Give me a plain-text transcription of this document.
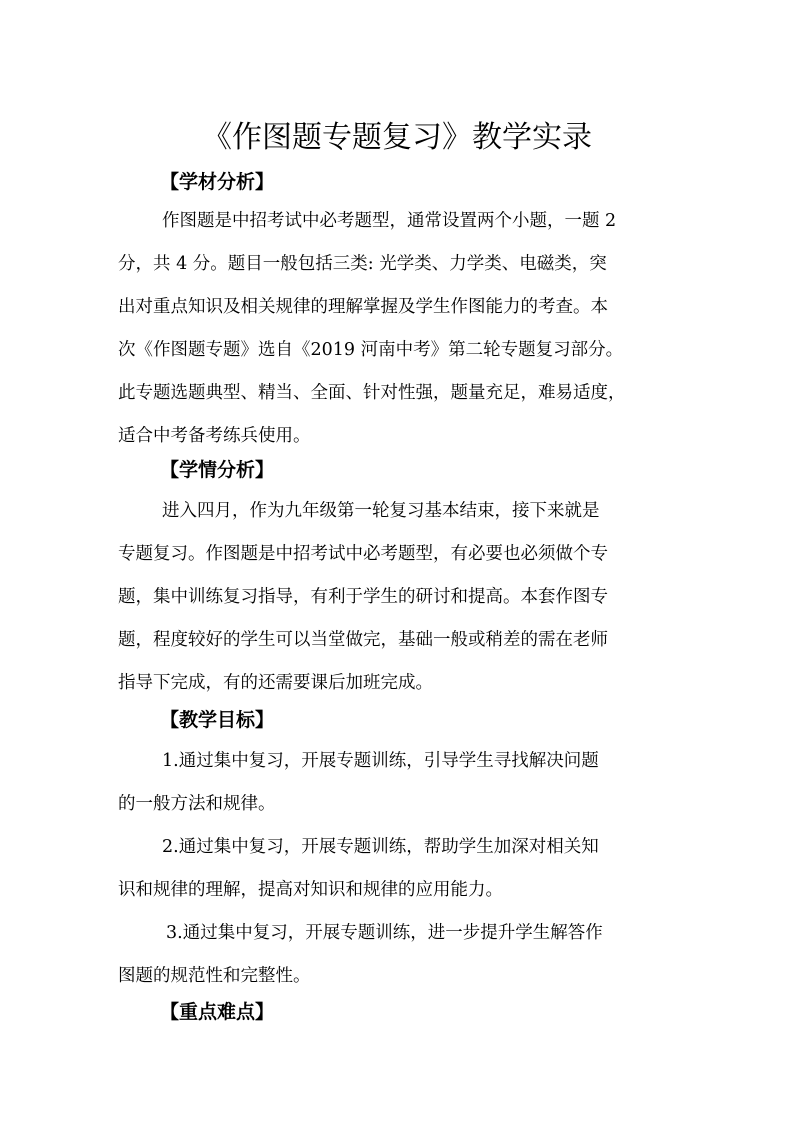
《作图题专题复习》教学实录
【学材分析】

作图题是中招考试中必考题型，通常设置两个小题，一题 2
分，共 4 分。题目一般包括三类: 光学类、力学类、电磁类，突
出对重点知识及相关规律的理解掌握及学生作图能力的考查。本
次《作图题专题》选自《2019 河南中考》第二轮专题复习部分。
此专题选题典型、精当、全面、针对性强，题量充足，难易适度，
适合中考备考练兵使用。

【学情分析】

进入四月，作为九年级第一轮复习基本结束，接下来就是
专题复习。作图题是中招考试中必考题型，有必要也必须做个专
题，集中训练复习指导，有利于学生的研讨和提高。本套作图专
题，程度较好的学生可以当堂做完，基础一般或稍差的需在老师
指导下完成，有的还需要课后加班完成。

【教学目标】

1.通过集中复习，开展专题训练，引导学生寻找解决问题
的一般方法和规律。

2.通过集中复习，开展专题训练，帮助学生加深对相关知
识和规律的理解，提高对知识和规律的应用能力。

3.通过集中复习，开展专题训练，进一步提升学生解答作
图题的规范性和完整性。

【重点难点】
